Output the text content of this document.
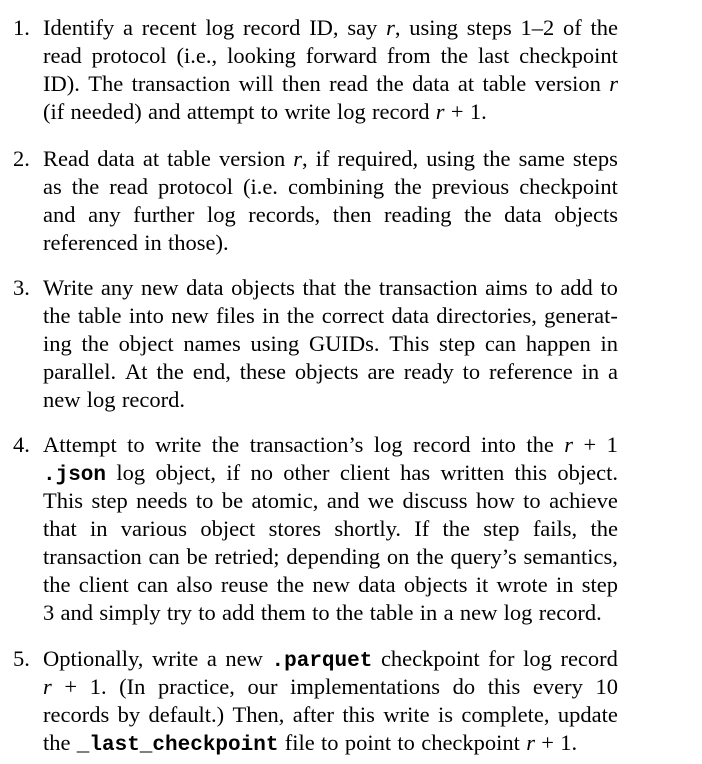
1. Identify a recent log record ID, say r, using steps 1–2 of the
read protocol (i.e., looking forward from the last checkpoint
ID). The transaction will then read the data at table version r
(if needed) and attempt to write log record r + 1.
2. Read data at table version r, if required, using the same steps
as the read protocol (i.e. combining the previous checkpoint
and any further log records, then reading the data objects
referenced in those).
3. Write any new data objects that the transaction aims to add to
the table into new files in the correct data directories, generat-
ing the object names using GUIDs. This step can happen in
parallel. At the end, these objects are ready to reference in a
new log record.
4. Attempt to write the transaction’s log record into the r + 1
.json log object, if no other client has written this object.
This step needs to be atomic, and we discuss how to achieve
that in various object stores shortly. If the step fails, the
transaction can be retried; depending on the query’s semantics,
the client can also reuse the new data objects it wrote in step
3 and simply try to add them to the table in a new log record.
5. Optionally, write a new .parquet checkpoint for log record
r + 1. (In practice, our implementations do this every 10
records by default.) Then, after this write is complete, update
the _last_checkpoint file to point to checkpoint r + 1.
